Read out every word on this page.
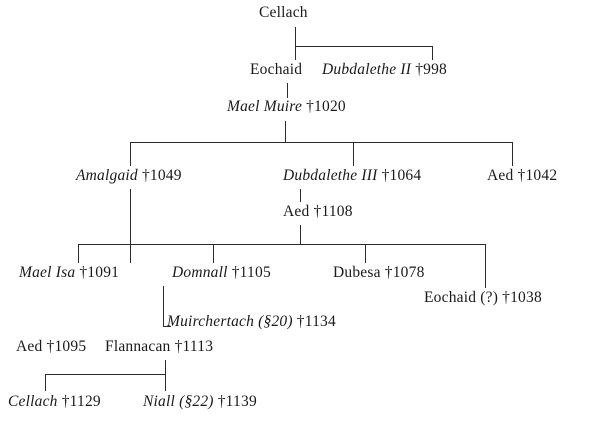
Cellach
Eochaid Dubdalethe II †998
Mael Muire †1020
Amalgaid †1049	Dubdalethe III †1064	Aed †1042
Aed †1108
Mael Isa †1091	Domnall †1105	Dubesa †1078
Eochaid (?) †1038
Muirchertach (§20) †1134
Aed †1095 Flannacan †1113
Cellach †1129	Niall (§22) †1139
